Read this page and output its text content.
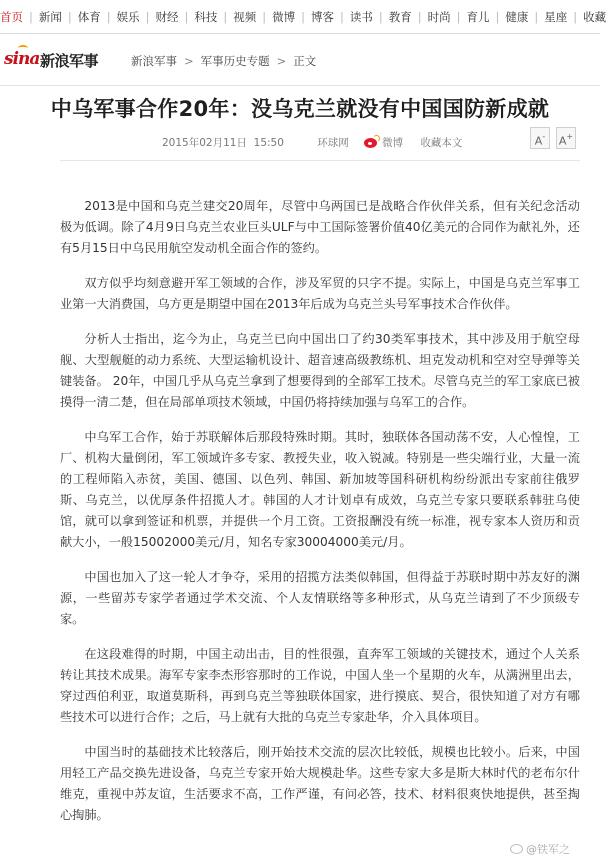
首页 | 新闻 | 体育 | 娱乐 | 财经 | 科技 | 视频 | 微博 | 博客 | 读书 | 教育 | 时尚 | 育儿 | 健康 | 星座 | 收藏
sina 新浪军事	新浪军事 > 军事历史专题 > 正文
中乌军事合作20年：没乌克兰就没有中国国防新成就
2015年02月11日 15:50	环球网	微博 收藏本文	A-	A+

2013是中国和乌克兰建交20周年，尽管中乌两国已是战略合作伙伴关系，但有关纪念活动极为低调。除了4月9日乌克兰农业巨头ULF与中工国际签署价值40亿美元的合同作为献礼外，还有5月15日中乌民用航空发动机全面合作的签约。

双方似乎均刻意避开军工领域的合作，涉及军贸的只字不提。实际上，中国是乌克兰军事工业第一大消费国，乌方更是期望中国在2013年后成为乌克兰头号军事技术合作伙伴。

分析人士指出，迄今为止，乌克兰已向中国出口了约30类军事技术，其中涉及用于航空母舰、大型舰艇的动力系统、大型运输机设计、超音速高级教练机、坦克发动机和空对空导弹等关键装备。 20年，中国几乎从乌克兰拿到了想要得到的全部军工技术。尽管乌克兰的军工家底已被摸得一清二楚，但在局部单项技术领域，中国仍将持续加强与乌军工的合作。

中乌军工合作，始于苏联解体后那段特殊时期。其时，独联体各国动荡不安，人心惶惶，工厂、机构大量倒闭，军工领域许多专家、教授失业，收入锐减。特别是一些尖端行业，大量一流的工程师陷入赤贫，美国、德国、以色列、韩国、新加坡等国科研机构纷纷派出专家前往俄罗斯、乌克兰，以优厚条件招揽人才。韩国的人才计划卓有成效，乌克兰专家只要联系韩驻乌使馆，就可以拿到签证和机票，并提供一个月工资。工资报酬没有统一标准，视专家本人资历和贡献大小，一般15002000美元/月，知名专家30004000美元/月。

中国也加入了这一轮人才争夺，采用的招揽方法类似韩国，但得益于苏联时期中苏友好的渊源，一些留苏专家学者通过学术交流、个人友情联络等多种形式，从乌克兰请到了不少顶级专家。

在这段难得的时期，中国主动出击，目的性很强，直奔军工领域的关键技术，通过个人关系转让其技术成果。海军专家李杰形容那时的工作说，中国人坐一个星期的火车，从满洲里出去，穿过西伯利亚，取道莫斯科，再到乌克兰等独联体国家，进行摸底、契合，很快知道了对方有哪些技术可以进行合作；之后，马上就有大批的乌克兰专家赴华，介入具体项目。

中国当时的基础技术比较落后，刚开始技术交流的层次比较低，规模也比较小。后来，中国用轻工产品交换先进设备，乌克兰专家开始大规模赴华。这些专家大多是斯大林时代的老布尔什维克，重视中苏友谊，生活要求不高，工作严谨，有问必答，技术、材料很爽快地提供，甚至掏心掏肺。

@铁军之
